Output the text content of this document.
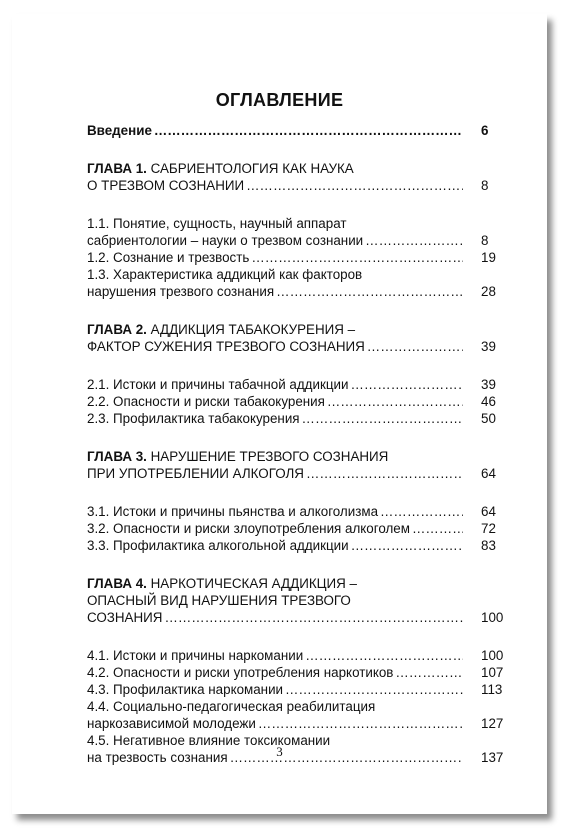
ОГЛАВЛЕНИЕ
Введение ……………………………………………………………………………………………………………………………………………………………………	6
ГЛАВА 1. САБРИЕНТОЛОГИЯ КАК НАУКА
О ТРЕЗВОМ СОЗНАНИИ ……………………………………………………………………………………………………………………………………………………………………	8
1.1. Понятие, сущность, научный аппарат
сабриентологии – науки о трезвом сознании ……………………………………………………………………………………………………………………………………………………………………	8
1.2. Сознание и трезвость ……………………………………………………………………………………………………………………………………………………………………	19
1.3. Характеристика аддикций как факторов
нарушения трезвого сознания ……………………………………………………………………………………………………………………………………………………………………	28
ГЛАВА 2. АДДИКЦИЯ ТАБАКОКУРЕНИЯ –
ФАКТОР СУЖЕНИЯ ТРЕЗВОГО СОЗНАНИЯ ……………………………………………………………………………………………………………………………………………………………………	39
2.1. Истоки и причины табачной аддикции ……………………………………………………………………………………………………………………………………………………………………	39
2.2. Опасности и риски табакокурения ……………………………………………………………………………………………………………………………………………………………………	46
2.3. Профилактика табакокурения ……………………………………………………………………………………………………………………………………………………………………	50
ГЛАВА 3. НАРУШЕНИЕ ТРЕЗВОГО СОЗНАНИЯ
ПРИ УПОТРЕБЛЕНИИ АЛКОГОЛЯ ……………………………………………………………………………………………………………………………………………………………………	64
3.1. Истоки и причины пьянства и алкоголизма ……………………………………………………………………………………………………………………………………………………………………	64
3.2. Опасности и риски злоупотребления алкоголем ……………………………………………………………………………………………………………………………………………………………………	72
3.3. Профилактика алкогольной аддикции ……………………………………………………………………………………………………………………………………………………………………	83
ГЛАВА 4. НАРКОТИЧЕСКАЯ АДДИКЦИЯ –
ОПАСНЫЙ ВИД НАРУШЕНИЯ ТРЕЗВОГО
СОЗНАНИЯ ……………………………………………………………………………………………………………………………………………………………………	100
4.1. Истоки и причины наркомании ……………………………………………………………………………………………………………………………………………………………………	100
4.2. Опасности и риски употребления наркотиков ……………………………………………………………………………………………………………………………………………………………………	107
4.3. Профилактика наркомании ……………………………………………………………………………………………………………………………………………………………………	113
4.4. Социально-педагогическая реабилитация
наркозависимой молодежи ……………………………………………………………………………………………………………………………………………………………………	127
4.5. Негативное влияние токсикомании
на трезвость сознания ……………………………………………………………………………………………………………………………………………………………………	137
3
